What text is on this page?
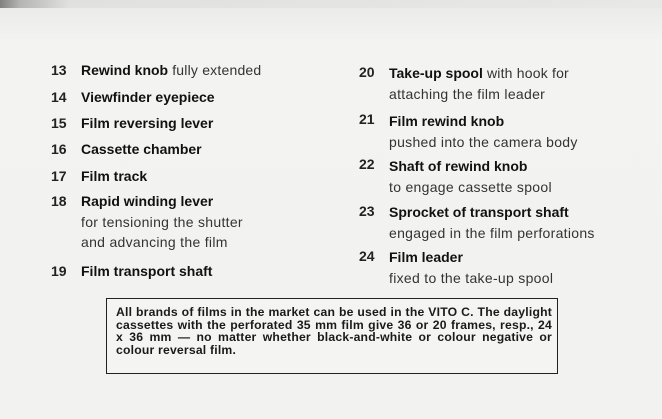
13 Rewind knob fully extended
14 Viewfinder eyepiece
15 Film reversing lever
16 Cassette chamber
17 Film track
18 Rapid winding lever
for tensioning the shutter
and advancing the film
19 Film transport shaft
20 Take-up spool with hook for
attaching the film leader
21 Film rewind knob
pushed into the camera body
22 Shaft of rewind knob
to engage cassette spool
23 Sprocket of transport shaft
engaged in the film perforations
24 Film leader
fixed to the take-up spool
All brands of films in the market can be used in the VITO C. The daylight cassettes with the perforated 35 mm film give 36 or 20 frames, resp., 24 x 36 mm — no matter whether black-and-white or colour negative or colour reversal film.
